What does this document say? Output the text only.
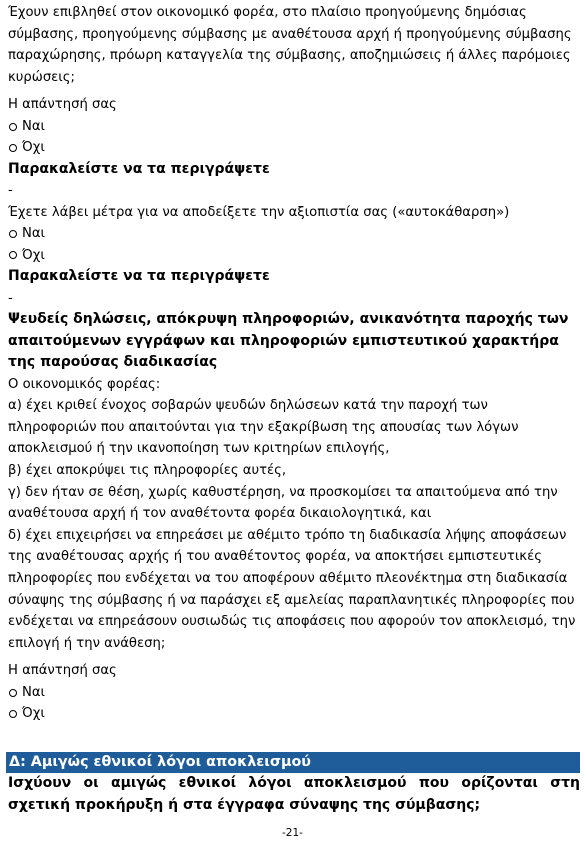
Έχουν επιβληθεί στον οικονομικό φορέα, στο πλαίσιο προηγούμενης δημόσιας σύμβασης, προηγούμενης σύμβασης με αναθέτουσα αρχή ή προηγούμενης σύμβασης παραχώρησης, πρόωρη καταγγελία της σύμβασης, αποζημιώσεις ή άλλες παρόμοιες κυρώσεις;

Η απάντησή σας

Ναι
Όχι
Παρακαλείστε να τα περιγράψετε
-

Έχετε λάβει μέτρα για να αποδείξετε την αξιοπιστία σας («αυτοκάθαρση»)

Ναι
Όχι
Παρακαλείστε να τα περιγράψετε
-
Ψευδείς δηλώσεις, απόκρυψη πληροφοριών, ανικανότητα παροχής των απαιτούμενων εγγράφων και πληροφοριών εμπιστευτικού χαρακτήρα της παρούσας διαδικασίας

Ο οικονομικός φορέας:

α) έχει κριθεί ένοχος σοβαρών ψευδών δηλώσεων κατά την παροχή των πληροφοριών που απαιτούνται για την εξακρίβωση της απουσίας των λόγων αποκλεισμού ή την ικανοποίηση των κριτηρίων επιλογής,

β) έχει αποκρύψει τις πληροφορίες αυτές,

γ) δεν ήταν σε θέση, χωρίς καθυστέρηση, να προσκομίσει τα απαιτούμενα από την αναθέτουσα αρχή ή τον αναθέτοντα φορέα δικαιολογητικά, και

δ) έχει επιχειρήσει να επηρεάσει με αθέμιτο τρόπο τη διαδικασία λήψης αποφάσεων της αναθέτουσας αρχής ή του αναθέτοντος φορέα, να αποκτήσει εμπιστευτικές πληροφορίες που ενδέχεται να του αποφέρουν αθέμιτο πλεονέκτημα στη διαδικασία σύναψης της σύμβασης ή να παράσχει εξ αμελείας παραπλανητικές πληροφορίες που ενδέχεται να επηρεάσουν ουσιωδώς τις αποφάσεις που αφορούν τον αποκλεισμό, την επιλογή ή την ανάθεση;

Η απάντησή σας

Ναι
Όχι
Δ: Αμιγώς εθνικοί λόγοι αποκλεισμού
Ισχύουν οι αμιγώς εθνικοί λόγοι αποκλεισμού που ορίζονται στη σχετική προκήρυξη ή στα έγγραφα σύναψης της σύμβασης;
-21-
